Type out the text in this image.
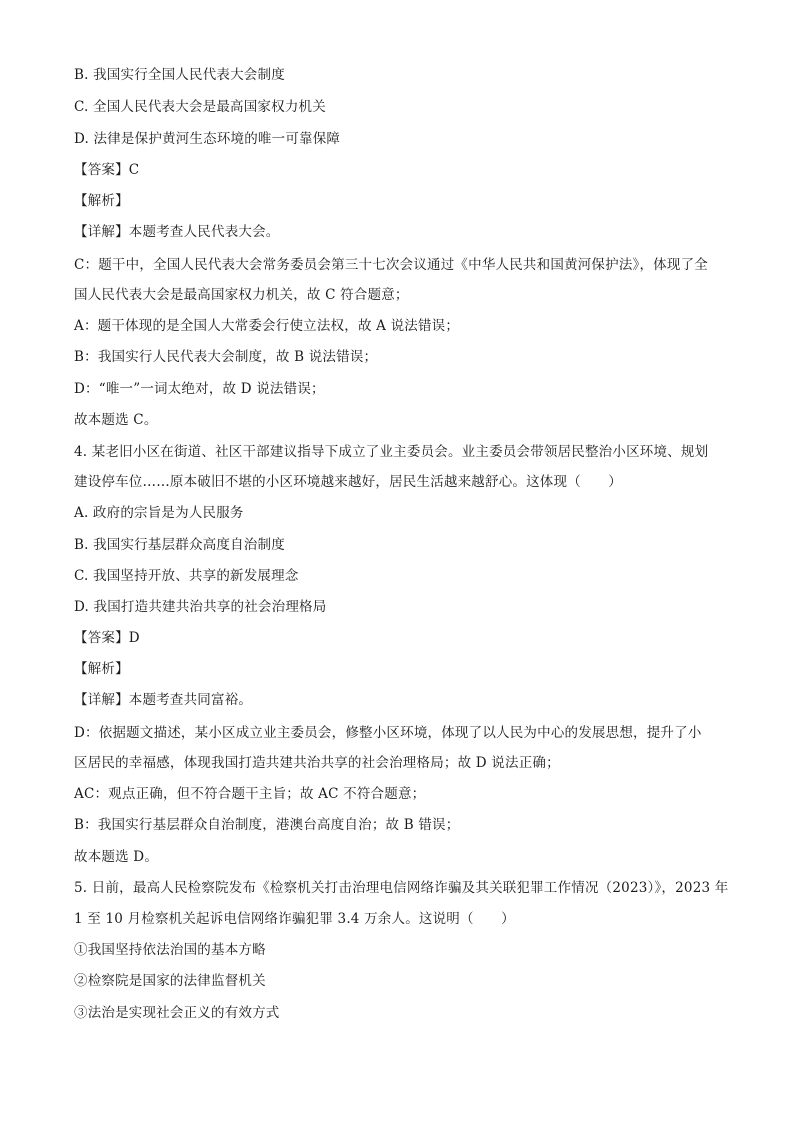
B. 我国实行全国人民代表大会制度
C. 全国人民代表大会是最高国家权力机关
D. 法律是保护黄河生态环境的唯一可靠保障
【答案】C
【解析】
【详解】本题考查人民代表大会。
C：题干中，全国人民代表大会常务委员会第三十七次会议通过《中华人民共和国黄河保护法》，体现了全
国人民代表大会是最高国家权力机关，故 C 符合题意；
A：题干体现的是全国人大常委会行使立法权，故 A 说法错误；
B：我国实行人民代表大会制度，故 B 说法错误；
D：“唯一”一词太绝对，故 D 说法错误；
故本题选 C。
4. 某老旧小区在街道、社区干部建议指导下成立了业主委员会。业主委员会带领居民整治小区环境、规划
建设停车位……原本破旧不堪的小区环境越来越好，居民生活越来越舒心。这体现（　　）
A. 政府的宗旨是为人民服务
B. 我国实行基层群众高度自治制度
C. 我国坚持开放、共享的新发展理念
D. 我国打造共建共治共享的社会治理格局
【答案】D
【解析】
【详解】本题考查共同富裕。
D：依据题文描述，某小区成立业主委员会，修整小区环境，体现了以人民为中心的发展思想，提升了小
区居民的幸福感，体现我国打造共建共治共享的社会治理格局；故 D 说法正确；
AC：观点正确，但不符合题干主旨；故 AC 不符合题意；
B：我国实行基层群众自治制度，港澳台高度自治；故 B 错误；
故本题选 D。
5. 日前，最高人民检察院发布《检察机关打击治理电信网络诈骗及其关联犯罪工作情况（2023）》，2023 年
1 至 10 月检察机关起诉电信网络诈骗犯罪 3.4 万余人。这说明（　　）
①我国坚持依法治国的基本方略
②检察院是国家的法律监督机关
③法治是实现社会正义的有效方式
